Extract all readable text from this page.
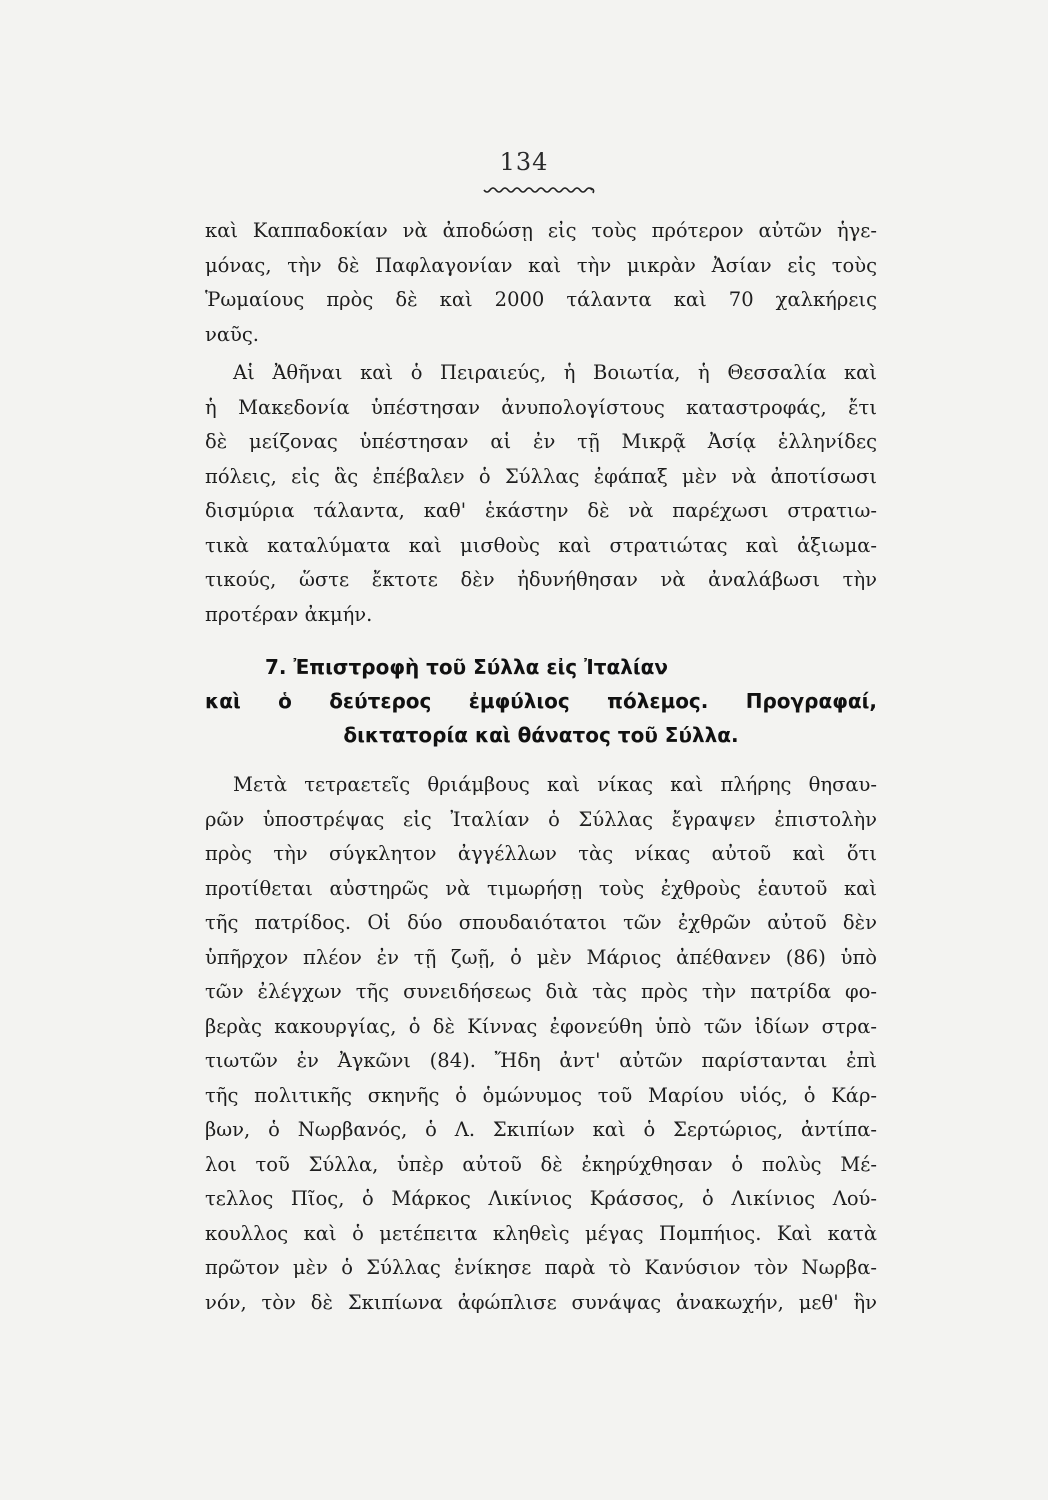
134
καὶ Καππαδοκίαν νὰ ἀποδώσῃ εἰς τοὺς πρότερον αὐτῶν ἡγε-
μόνας, τὴν δὲ Παφλαγονίαν καὶ τὴν μικρὰν Ἀσίαν εἰς τοὺς
Ῥωμαίους πρὸς δὲ καὶ 2000 τάλαντα καὶ 70 χαλκήρεις
ναῦς.
Αἱ Ἀθῆναι καὶ ὁ Πειραιεύς, ἡ Βοιωτία, ἡ Θεσσαλία καὶ
ἡ Μακεδονία ὑπέστησαν ἀνυπολογίστους καταστροφάς, ἔτι
δὲ μείζονας ὑπέστησαν αἱ ἐν τῇ Μικρᾷ Ἀσίᾳ ἑλληνίδες
πόλεις, εἰς ἃς ἐπέβαλεν ὁ Σύλλας ἐφάπαξ μὲν νὰ ἀποτίσωσι
δισμύρια τάλαντα, καθ' ἑκάστην δὲ νὰ παρέχωσι στρατιω-
τικὰ καταλύματα καὶ μισθοὺς καὶ στρατιώτας καὶ ἀξιωμα-
τικούς, ὥστε ἔκτοτε δὲν ἠδυνήθησαν νὰ ἀναλάβωσι τὴν
προτέραν ἀκμήν.
7. Ἐπιστροφὴ τοῦ Σύλλα εἰς Ἰταλίαν
καὶ ὁ δεύτερος ἐμφύλιος πόλεμος. Προγραφαί,
δικτατορία καὶ θάνατος τοῦ Σύλλα.
Μετὰ τετραετεῖς θριάμβους καὶ νίκας καὶ πλήρης θησαυ-
ρῶν ὑποστρέψας εἰς Ἰταλίαν ὁ Σύλλας ἔγραψεν ἐπιστολὴν
πρὸς τὴν σύγκλητον ἀγγέλλων τὰς νίκας αὐτοῦ καὶ ὅτι
προτίθεται αὐστηρῶς νὰ τιμωρήσῃ τοὺς ἐχθροὺς ἑαυτοῦ καὶ
τῆς πατρίδος. Οἱ δύο σπουδαιότατοι τῶν ἐχθρῶν αὐτοῦ δὲν
ὑπῆρχον πλέον ἐν τῇ ζωῇ, ὁ μὲν Μάριος ἀπέθανεν (86) ὑπὸ
τῶν ἐλέγχων τῆς συνειδήσεως διὰ τὰς πρὸς τὴν πατρίδα φο-
βερὰς κακουργίας, ὁ δὲ Κίννας ἐφονεύθη ὑπὸ τῶν ἰδίων στρα-
τιωτῶν ἐν Ἀγκῶνι (84). Ἤδη ἀντ' αὐτῶν παρίστανται ἐπὶ
τῆς πολιτικῆς σκηνῆς ὁ ὁμώνυμος τοῦ Μαρίου υἱός, ὁ Κάρ-
βων, ὁ Νωρβανός, ὁ Λ. Σκιπίων καὶ ὁ Σερτώριος, ἀντίπα-
λοι τοῦ Σύλλα, ὑπὲρ αὐτοῦ δὲ ἐκηρύχθησαν ὁ πολὺς Μέ-
τελλος Πῖος, ὁ Μάρκος Λικίνιος Κράσσος, ὁ Λικίνιος Λού-
κουλλος καὶ ὁ μετέπειτα κληθεὶς μέγας Πομπήιος. Καὶ κατὰ
πρῶτον μὲν ὁ Σύλλας ἐνίκησε παρὰ τὸ Κανύσιον τὸν Νωρβα-
νόν, τὸν δὲ Σκιπίωνα ἀφώπλισε συνάψας ἀνακωχήν, μεθ' ἣν
